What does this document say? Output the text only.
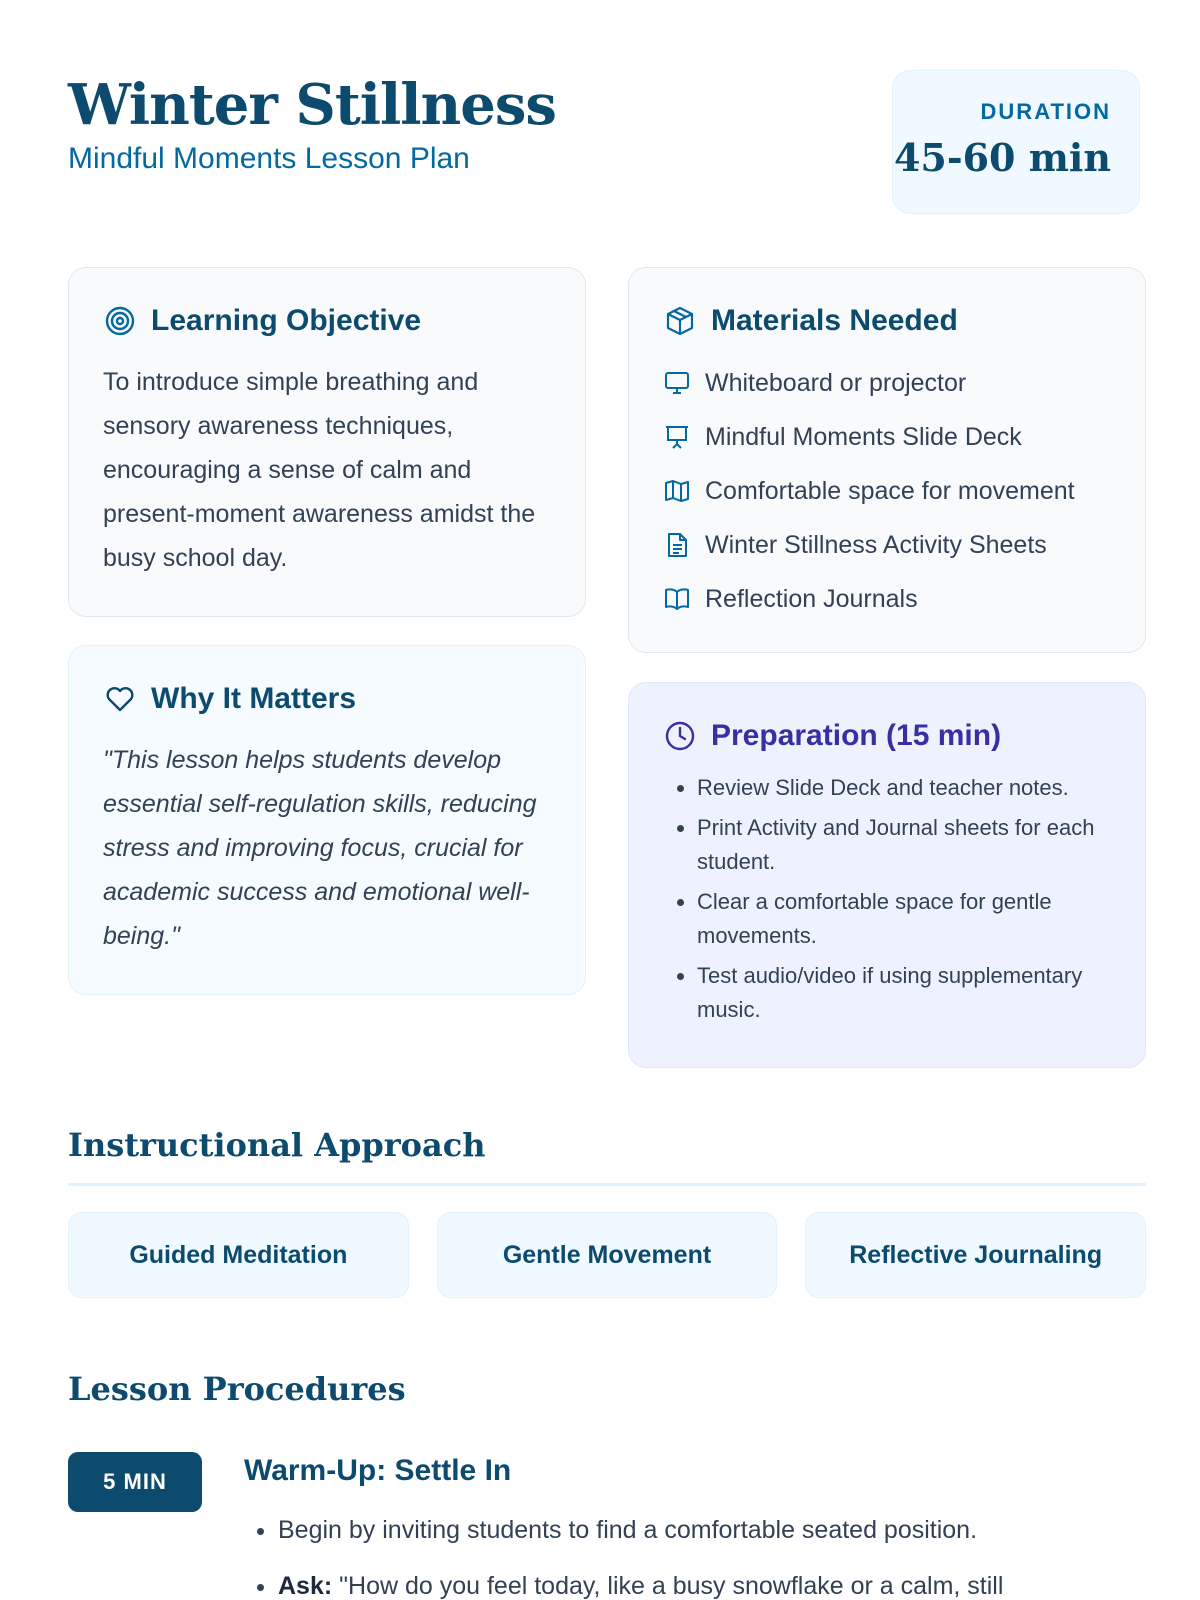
Winter Stillness
Mindful Moments Lesson Plan
DURATION
45-60 min
Learning Objective
To introduce simple breathing and sensory awareness techniques, encouraging a sense of calm and present-moment awareness amidst the busy school day.
Why It Matters
"This lesson helps students develop essential self-regulation skills, reducing stress and improving focus, crucial for academic success and emotional well-being."
Materials Needed
Whiteboard or projector
Mindful Moments Slide Deck
Comfortable space for movement
Winter Stillness Activity Sheets
Reflection Journals
Preparation (15 min)
• Review Slide Deck and teacher notes.
• Print Activity and Journal sheets for each student.
• Clear a comfortable space for gentle movements.
• Test audio/video if using supplementary music.
Instructional Approach
Guided Meditation	Gentle Movement	Reflective Journaling
Lesson Procedures
5 MIN	Warm-Up: Settle In
• Begin by inviting students to find a comfortable seated position.
• Ask: "How do you feel today, like a busy snowflake or a calm, still
